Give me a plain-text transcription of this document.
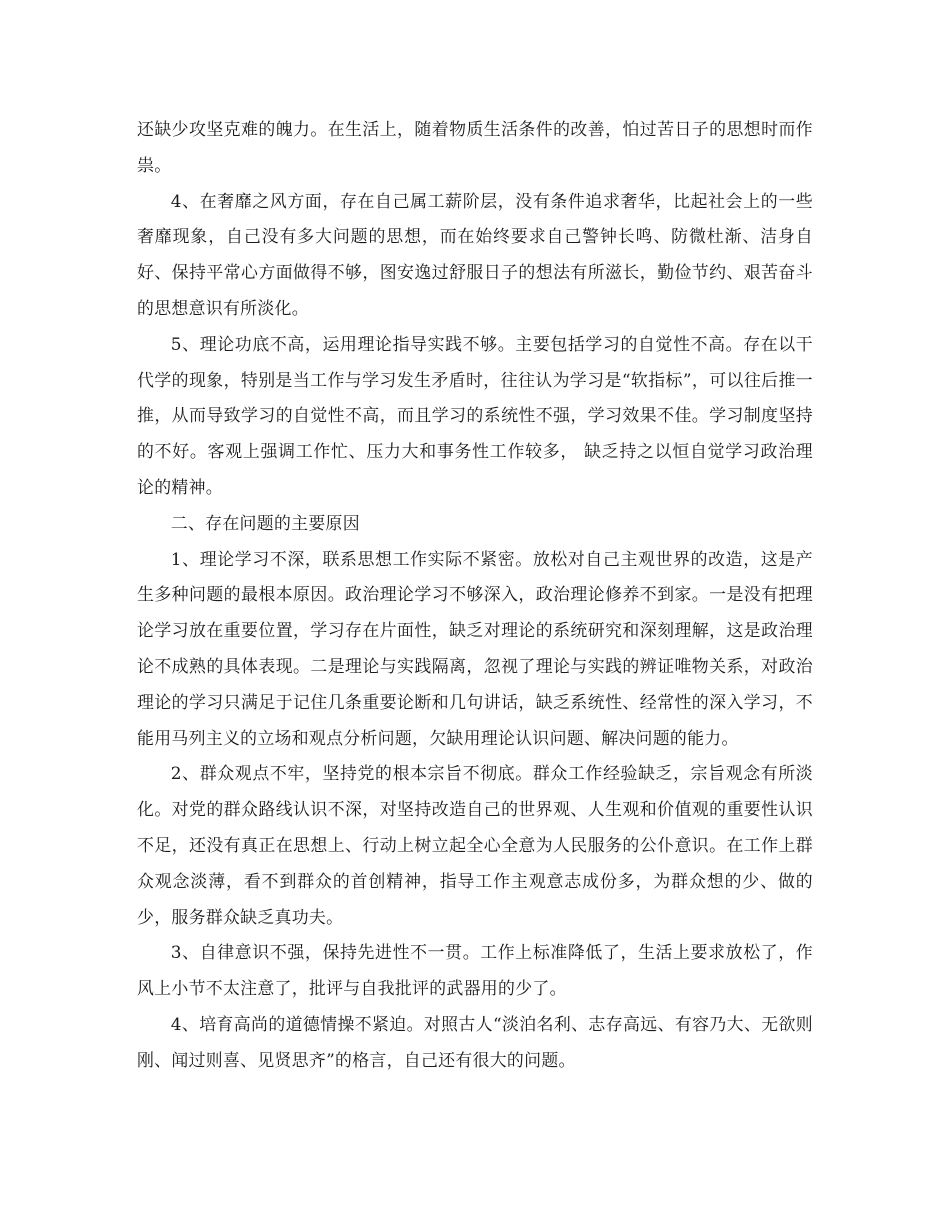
还缺少攻坚克难的魄力。在生活上，随着物质生活条件的改善，怕过苦日子的思想时而作祟。

4、在奢靡之风方面，存在自己属工薪阶层，没有条件追求奢华，比起社会上的一些奢靡现象，自己没有多大问题的思想，而在始终要求自己警钟长鸣、防微杜渐、洁身自好、保持平常心方面做得不够，图安逸过舒服日子的想法有所滋长，勤俭节约、艰苦奋斗的思想意识有所淡化。

5、理论功底不高，运用理论指导实践不够。主要包括学习的自觉性不高。存在以干代学的现象，特别是当工作与学习发生矛盾时，往往认为学习是“软指标”，可以往后推一推，从而导致学习的自觉性不高，而且学习的系统性不强，学习效果不佳。学习制度坚持的不好。客观上强调工作忙、压力大和事务性工作较多， 缺乏持之以恒自觉学习政治理论的精神。

二、存在问题的主要原因

1、理论学习不深，联系思想工作实际不紧密。放松对自己主观世界的改造，这是产生多种问题的最根本原因。政治理论学习不够深入，政治理论修养不到家。一是没有把理论学习放在重要位置，学习存在片面性，缺乏对理论的系统研究和深刻理解，这是政治理论不成熟的具体表现。二是理论与实践隔离，忽视了理论与实践的辨证唯物关系，对政治理论的学习只满足于记住几条重要论断和几句讲话，缺乏系统性、经常性的深入学习，不能用马列主义的立场和观点分析问题，欠缺用理论认识问题、解决问题的能力。

2、群众观点不牢，坚持党的根本宗旨不彻底。群众工作经验缺乏，宗旨观念有所淡化。对党的群众路线认识不深，对坚持改造自己的世界观、人生观和价值观的重要性认识不足，还没有真正在思想上、行动上树立起全心全意为人民服务的公仆意识。在工作上群众观念淡薄，看不到群众的首创精神，指导工作主观意志成份多，为群众想的少、做的少，服务群众缺乏真功夫。

3、自律意识不强，保持先进性不一贯。工作上标准降低了，生活上要求放松了，作风上小节不太注意了，批评与自我批评的武器用的少了。

4、培育高尚的道德情操不紧迫。对照古人“淡泊名利、志存高远、有容乃大、无欲则刚、闻过则喜、见贤思齐”的格言，自己还有很大的问题。
